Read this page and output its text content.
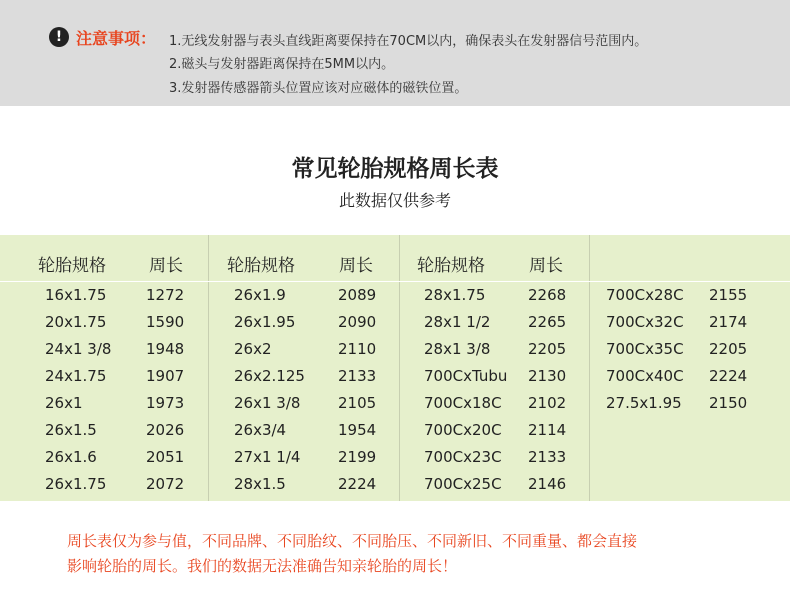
! 注意事项： 1.无线发射器与表头直线距离要保持在70CM以内，确保表头在发射器信号范围内。
2.磁头与发射器距离保持在5MM以内。
3.发射器传感器箭头位置应该对应磁体的磁铁位置。
常见轮胎规格周长表
此数据仅供参考
轮胎规格	周长	轮胎规格	周长	轮胎规格	周长
16x1.75	1272	26x1.9	2089	28x1.75	2268	700Cx28C 2155
20x1.75	1590	26x1.95	2090	28x1 1/2	2265	700Cx32C 2174
24x1 3/8 1948	26x2	2110	28x1 3/8	2205	700Cx35C 2205
24x1.75	1907	26x2.125 2133	700CxTubu 2130	700Cx40C 2224
26x1	1973	26x1 3/8	2105	700Cx18C 2102	27.5x1.95 2150
26x1.5	2026	26x3/4	1954	700Cx20C 2114
26x1.6	2051	27x1 1/4	2199	700Cx23C 2133
26x1.75	2072	28x1.5	2224	700Cx25C 2146
周长表仅为参与值，不同品牌、不同胎纹、不同胎压、不同新旧、不同重量、都会直接
影响轮胎的周长。我们的数据无法准确告知亲轮胎的周长！
